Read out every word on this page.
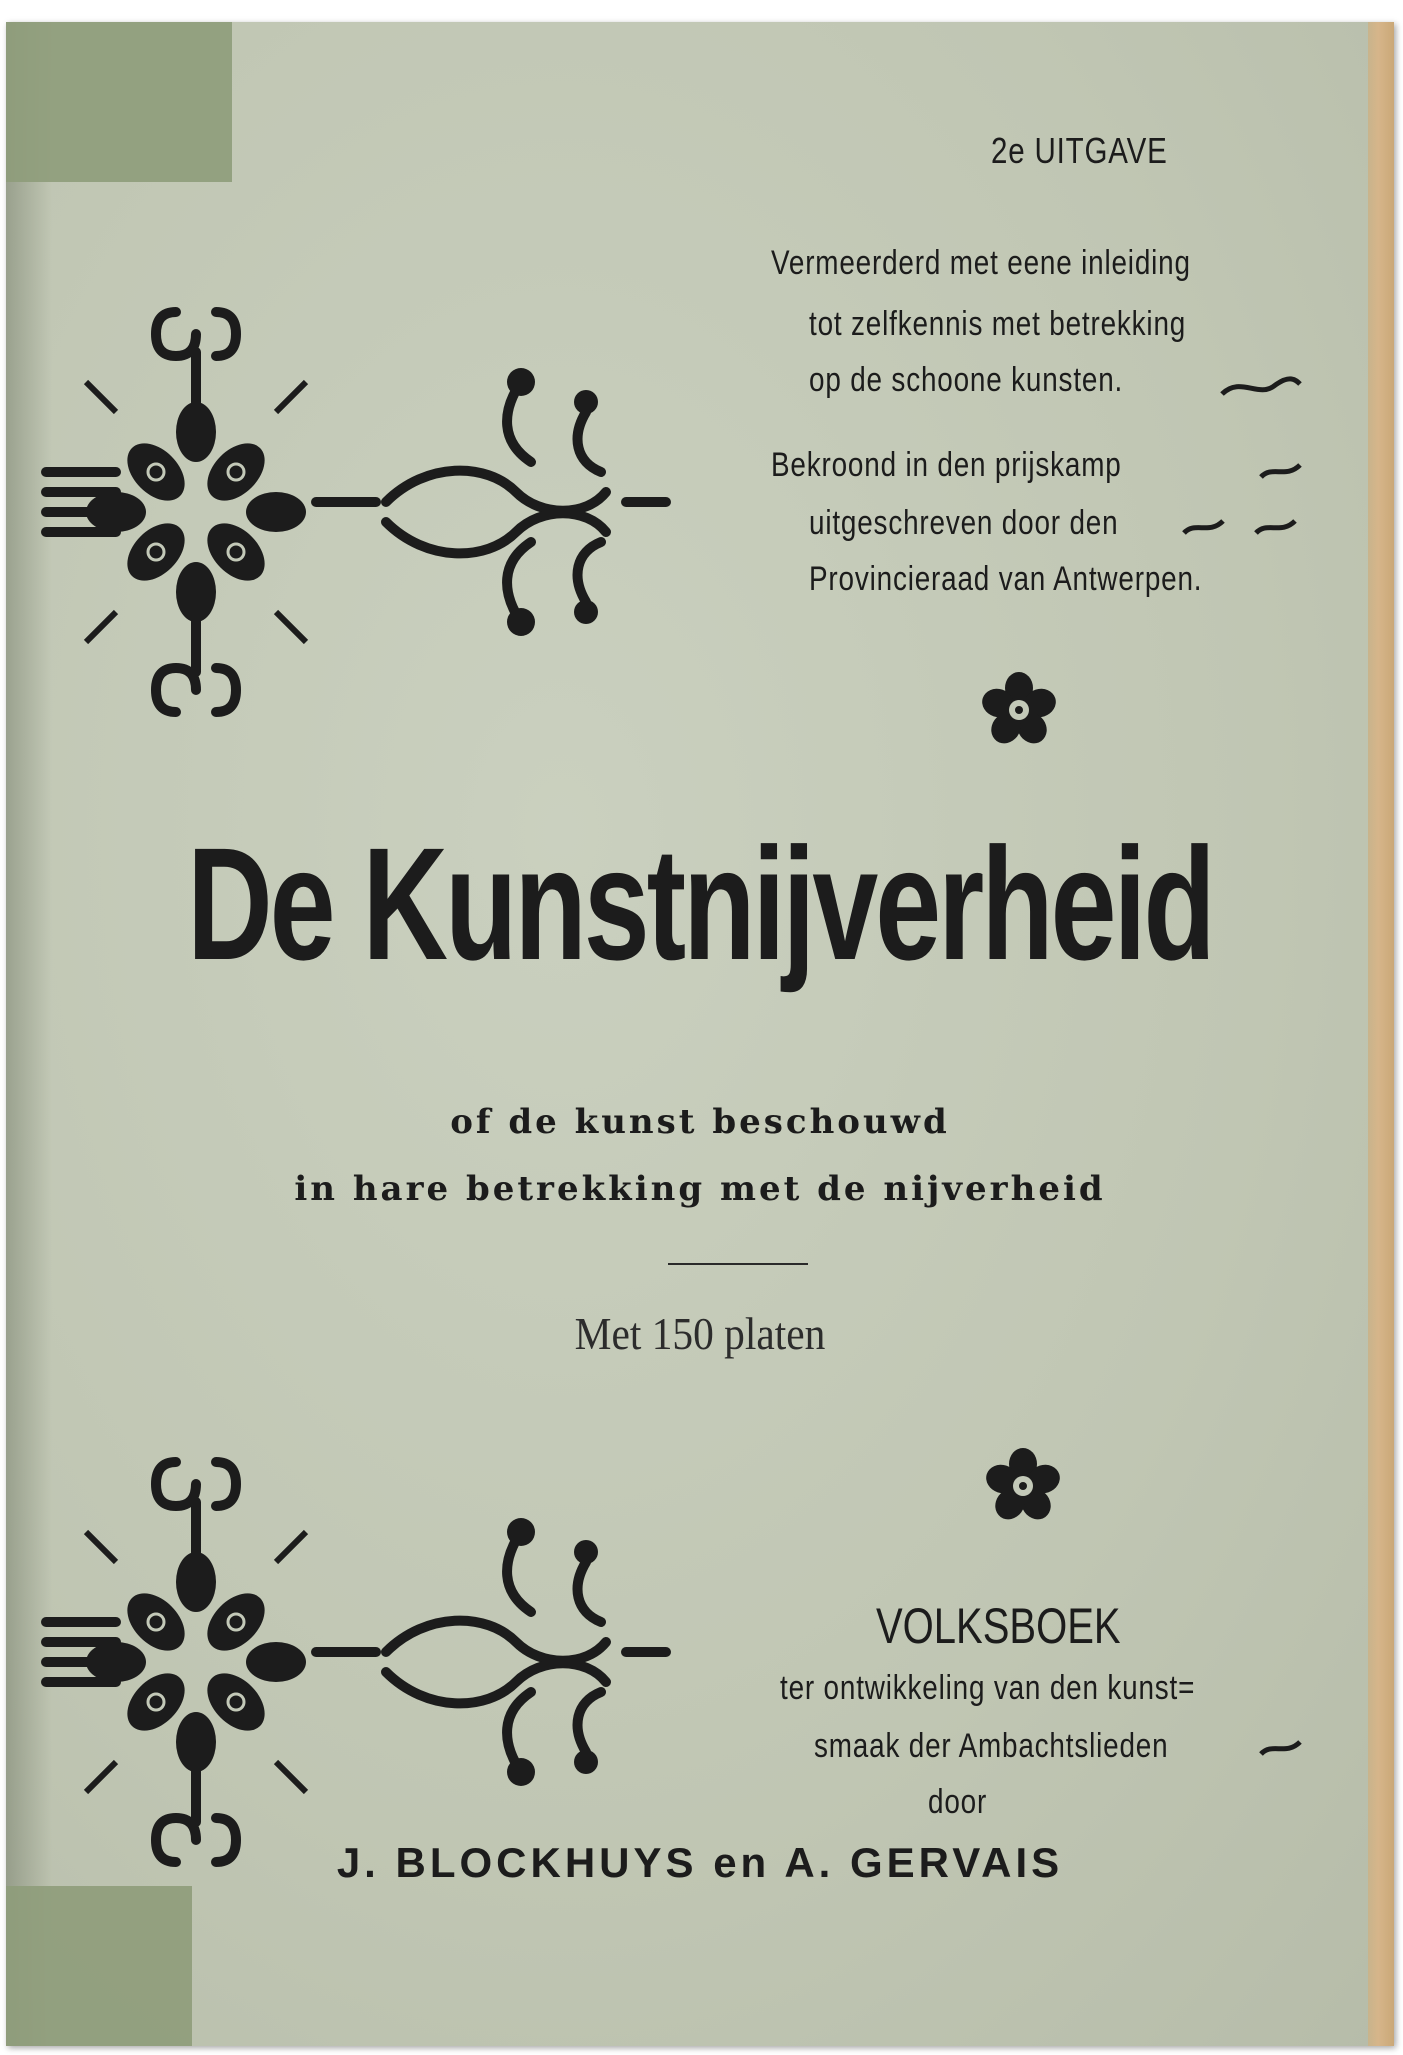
2e UITGAVE
Vermeerderd met eene inleiding
tot zelfkennis met betrekking
op de schoone kunsten.
Bekroond in den prijskamp
uitgeschreven door den
Provincieraad van Antwerpen.
De Kunstnijverheid
of de kunst beschouwd
in hare betrekking met de nijverheid
Met 150 platen
VOLKSBOEK
ter ontwikkeling van den kunst=
smaak der Ambachtslieden
door
J. BLOCKHUYS en A. GERVAIS
